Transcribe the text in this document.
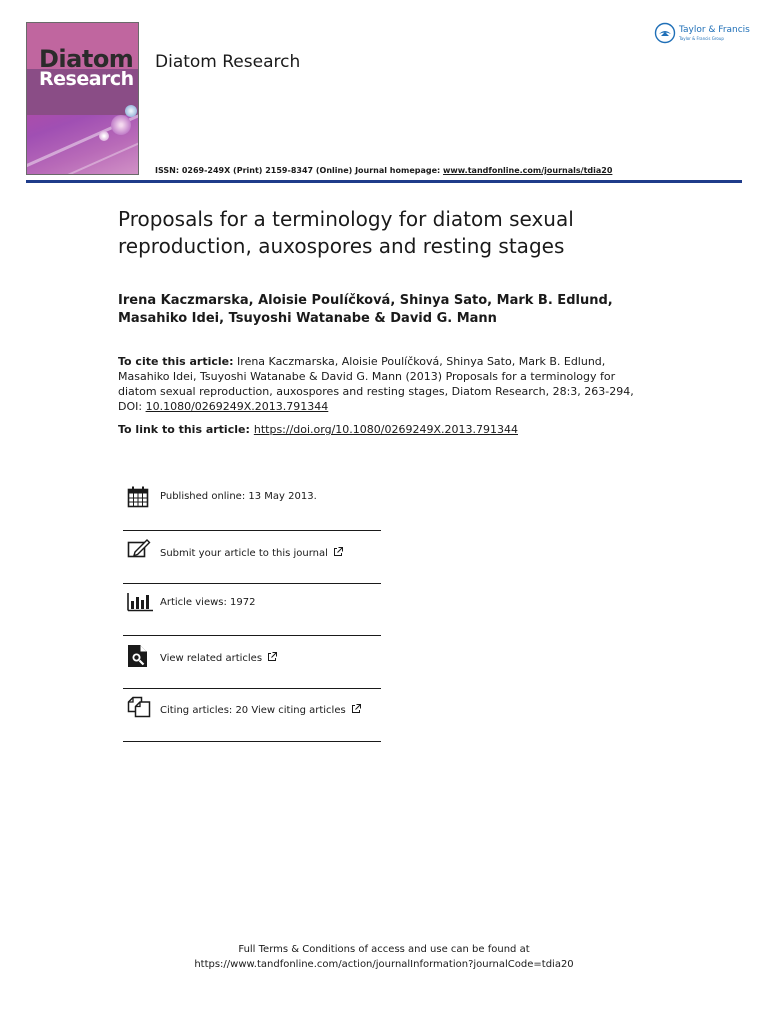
Diatom
Research
Diatom Research
ISSN: 0269-249X (Print) 2159-8347 (Online) Journal homepage: www.tandfonline.com/journals/tdia20
Taylor & Francis
Taylor & Francis Group
Proposals for a terminology for diatom sexual reproduction, auxospores and resting stages
Irena Kaczmarska, Aloisie Poulíčková, Shinya Sato, Mark B. Edlund, Masahiko Idei, Tsuyoshi Watanabe & David G. Mann
To cite this article: Irena Kaczmarska, Aloisie Poulíčková, Shinya Sato, Mark B. Edlund, Masahiko Idei, Tsuyoshi Watanabe & David G. Mann (2013) Proposals for a terminology for diatom sexual reproduction, auxospores and resting stages, Diatom Research, 28:3, 263-294, DOI: 10.1080/0269249X.2013.791344
To link to this article: https://doi.org/10.1080/0269249X.2013.791344
Published online: 13 May 2013.
Submit your article to this journal
Article views: 1972
View related articles
Citing articles: 20 View citing articles
Full Terms & Conditions of access and use can be found at
https://www.tandfonline.com/action/journalInformation?journalCode=tdia20
